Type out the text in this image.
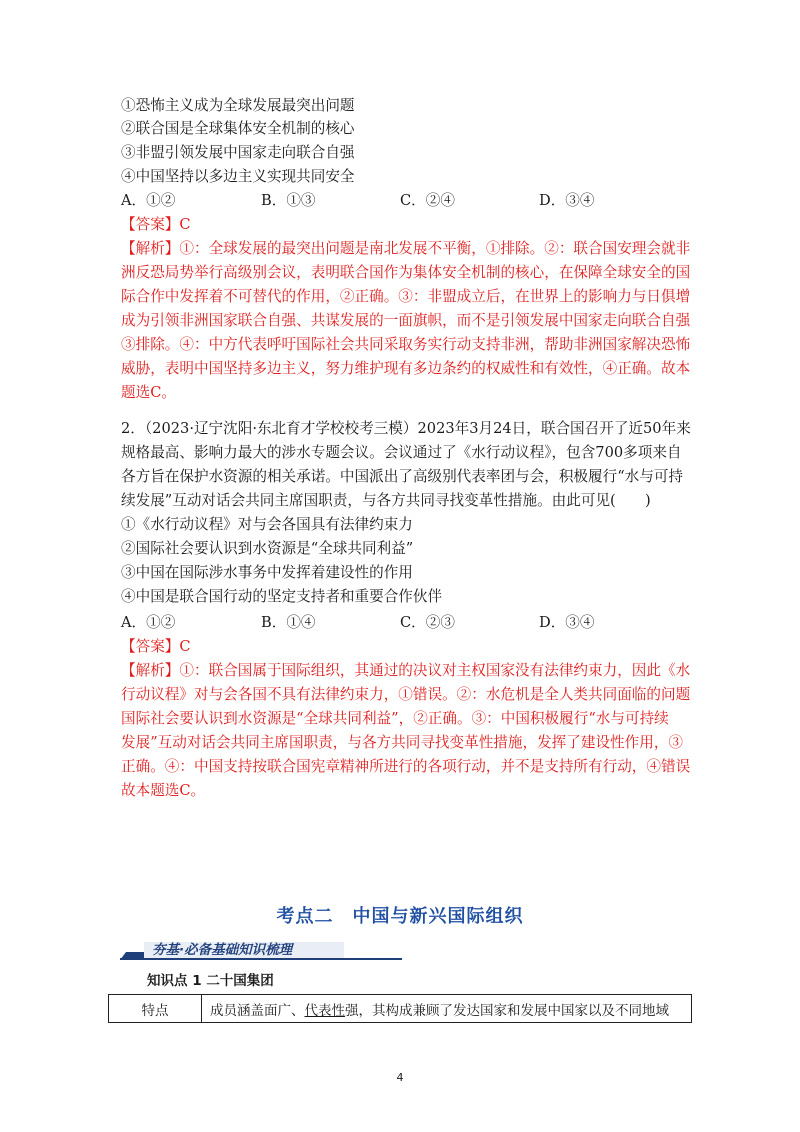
①恐怖主义成为全球发展最突出问题
②联合国是全球集体安全机制的核心
③非盟引领发展中国家走向联合自强
④中国坚持以多边主义实现共同安全
A．①②	B．①③	C．②④	D．③④
【答案】C
【解析】①：全球发展的最突出问题是南北发展不平衡，①排除。②：联合国安理会就非
洲反恐局势举行高级别会议，表明联合国作为集体安全机制的核心，在保障全球安全的国
际合作中发挥着不可替代的作用，②正确。③：非盟成立后，在世界上的影响力与日俱增
成为引领非洲国家联合自强、共谋发展的一面旗帜，而不是引领发展中国家走向联合自强
③排除。④：中方代表呼吁国际社会共同采取务实行动支持非洲，帮助非洲国家解决恐怖
威胁，表明中国坚持多边主义，努力维护现有多边条约的权威性和有效性，④正确。故本
题选C。
2．（2023·辽宁沈阳·东北育才学校校考三模）2023年3月24日，联合国召开了近50年来
规格最高、影响力最大的涉水专题会议。会议通过了《水行动议程》，包含700多项来自
各方旨在保护水资源的相关承诺。中国派出了高级别代表率团与会，积极履行“水与可持
续发展”互动对话会共同主席国职责，与各方共同寻找变革性措施。由此可见(　　)
①《水行动议程》对与会各国具有法律约束力
②国际社会要认识到水资源是“全球共同利益”
③中国在国际涉水事务中发挥着建设性的作用
④中国是联合国行动的坚定支持者和重要合作伙伴
A．①②	B．①④	C．②③	D．③④
【答案】C
【解析】①：联合国属于国际组织，其通过的决议对主权国家没有法律约束力，因此《水
行动议程》对与会各国不具有法律约束力，①错误。②：水危机是全人类共同面临的问题
国际社会要认识到水资源是“全球共同利益”，②正确。③：中国积极履行“水与可持续
发展”互动对话会共同主席国职责，与各方共同寻找变革性措施，发挥了建设性作用，③
正确。④：中国支持按联合国宪章精神所进行的各项行动，并不是支持所有行动，④错误
故本题选C。
考点二　中国与新兴国际组织
夯基·必备基础知识梳理
知识点 1 二十国集团
特点	成员涵盖面广、代表性强，其构成兼顾了发达国家和发展中国家以及不同地域
4
